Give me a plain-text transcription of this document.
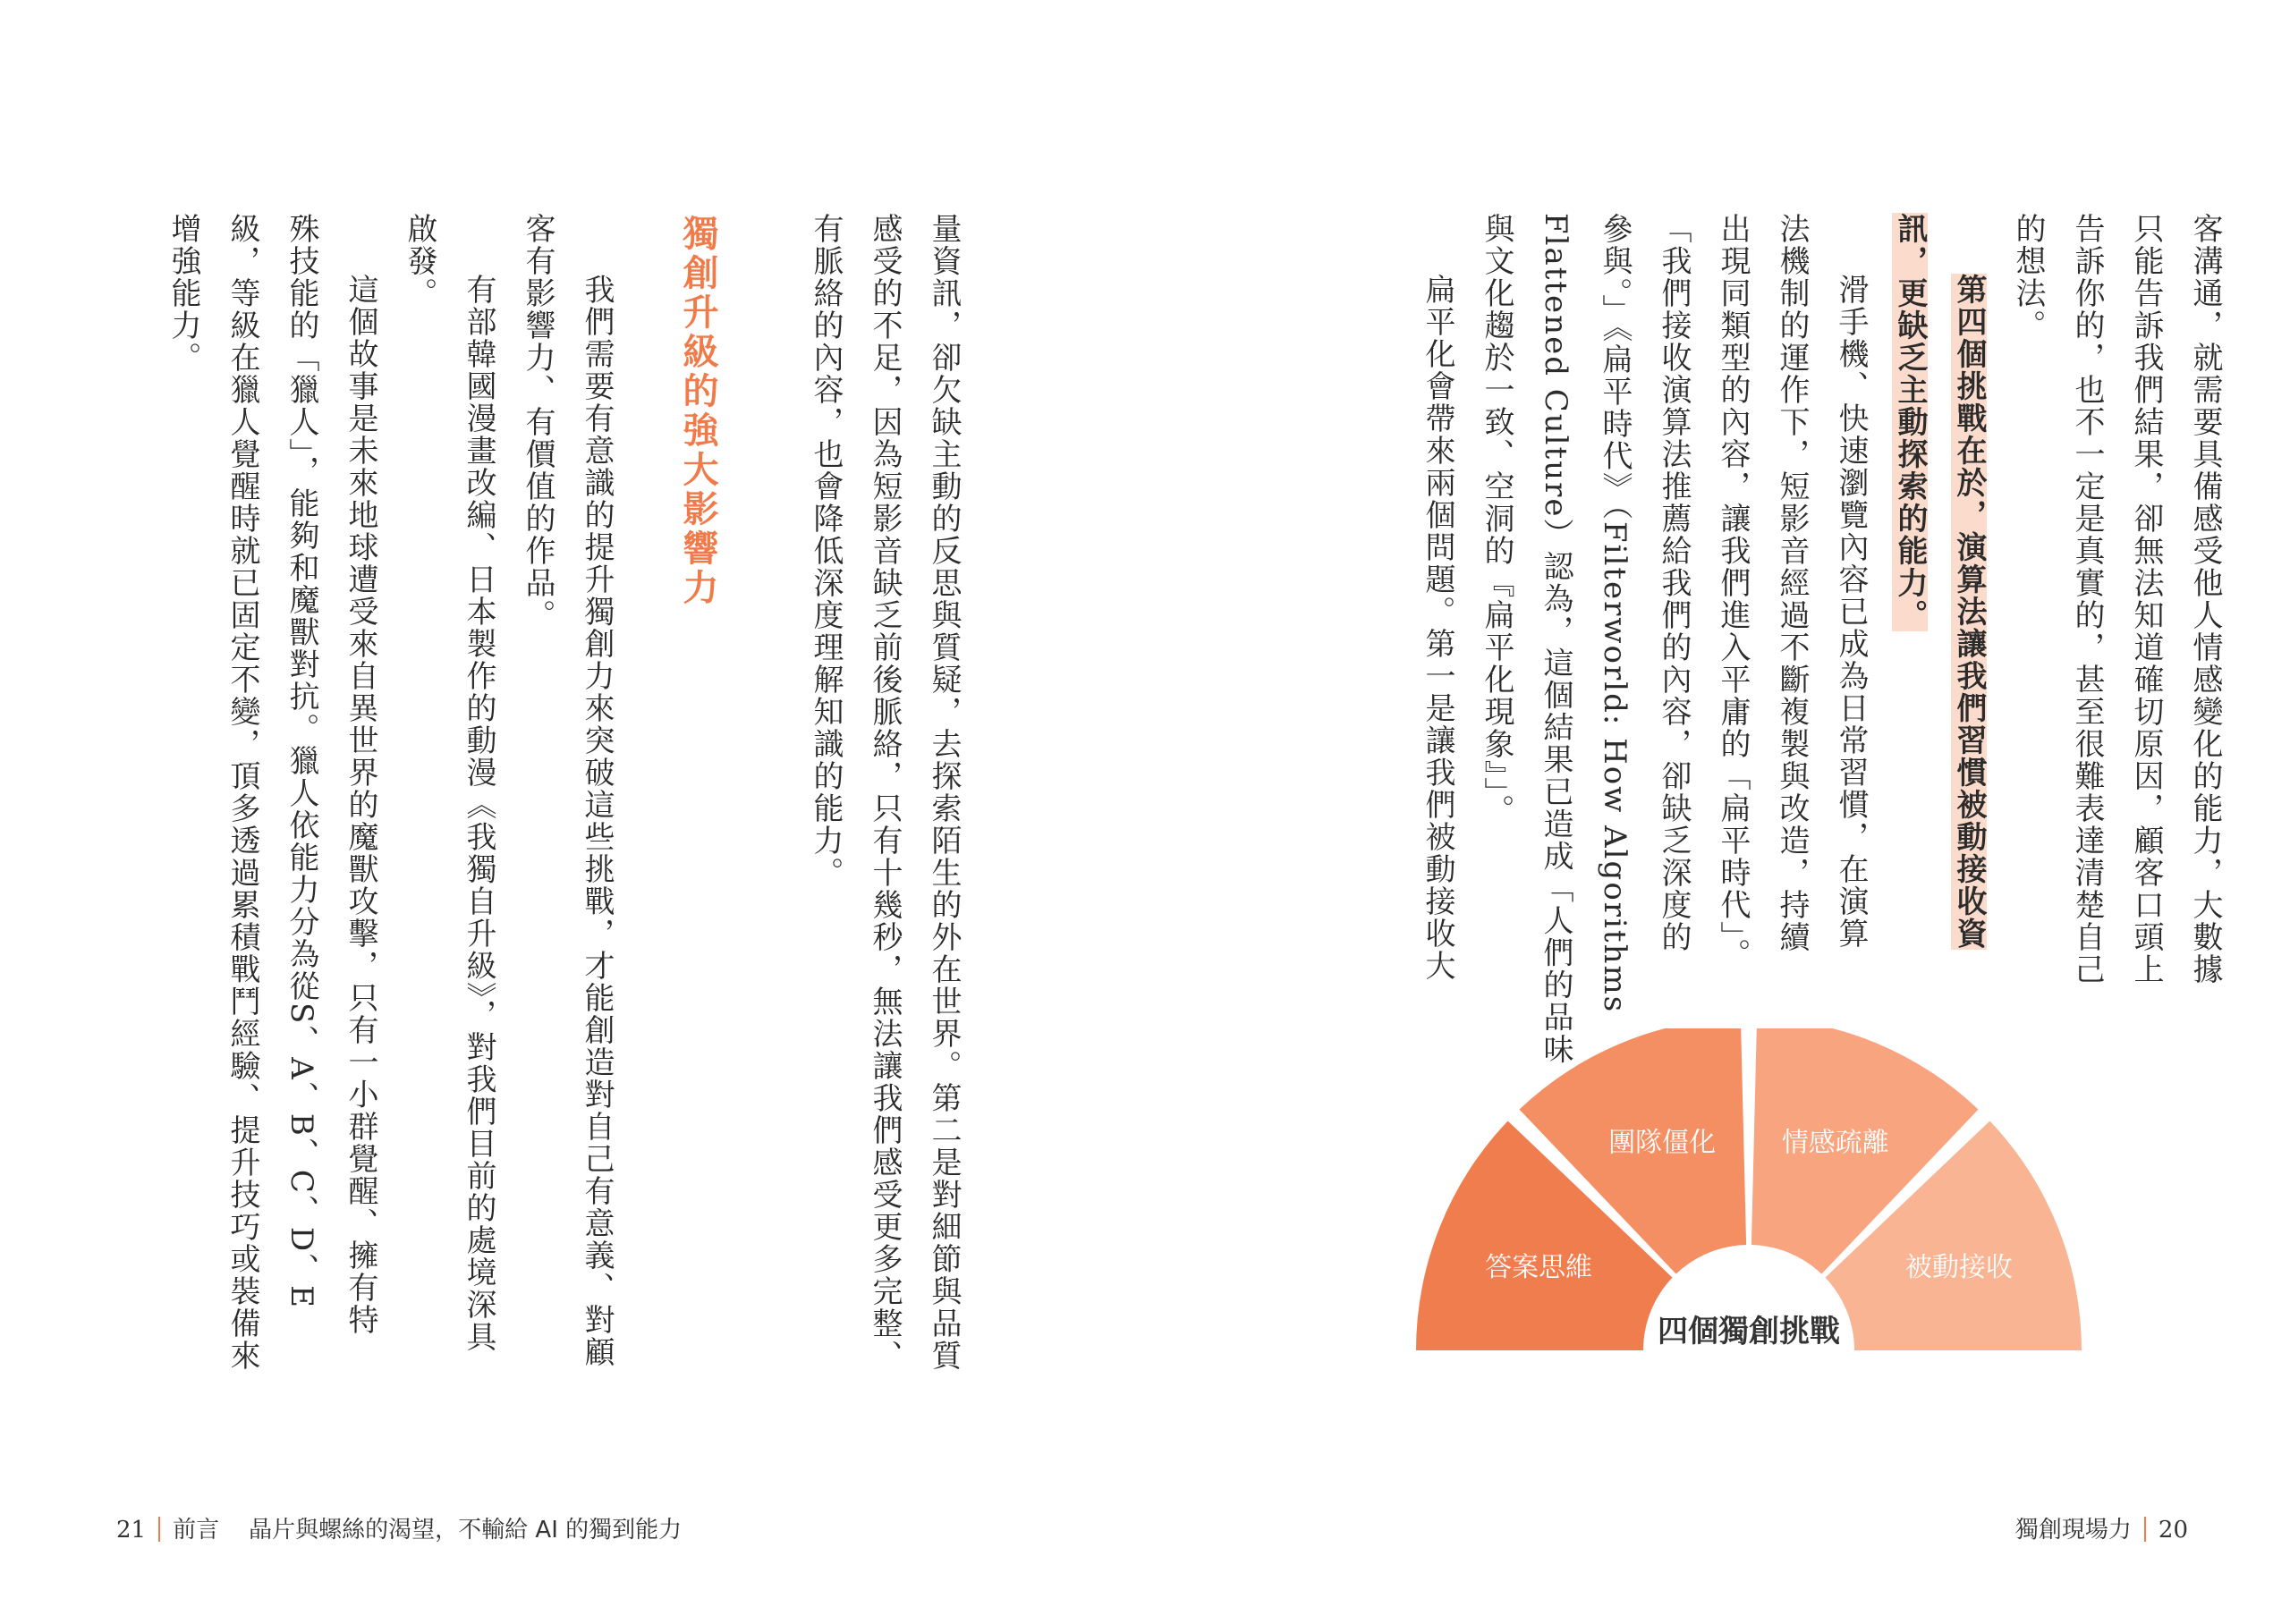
客溝通，就需要具備感受他人情感變化的能力，大數據
只能告訴我們結果，卻無法知道確切原因，顧客口頭上
告訴你的，也不一定是真實的，甚至很難表達清楚自己
的想法。
第四個挑戰在於，演算法讓我們習慣被動接收資
訊，更缺乏主動探索的能力。
滑手機、快速瀏覽內容已成為日常習慣，在演算
法機制的運作下，短影音經過不斷複製與改造，持續
出現同類型的內容，讓我們進入平庸的「扁平時代」。
「我們接收演算法推薦給我們的內容，卻缺乏深度的
參與。」《扁平時代》（Filterworld: How Algorithms
Flattened Culture）認為，這個結果已造成「人們的品味
與文化趨於一致、空洞的『扁平化現象』」。
扁平化會帶來兩個問題。第一是讓我們被動接收大
答案思維
團隊僵化 情感疏離
被動接收
四個獨創挑戰
量資訊，卻欠缺主動的反思與質疑，去探索陌生的外在世界。第二是對細節與品質
感受的不足，因為短影音缺乏前後脈絡，只有十幾秒，無法讓我們感受更多完整、
有脈絡的內容，也會降低深度理解知識的能力。
獨創升級的強大影響力
我們需要有意識的提升獨創力來突破這些挑戰，才能創造對自己有意義、對顧
客有影響力、有價值的作品。
有部韓國漫畫改編、日本製作的動漫《我獨自升級》，對我們目前的處境深具
啟發。
這個故事是未來地球遭受來自異世界的魔獸攻擊，只有一小群覺醒、擁有特
殊技能的「獵人」，能夠和魔獸對抗。獵人依能力分為從S、A、B、C、D、E
級，等級在獵人覺醒時就已固定不變，頂多透過累積戰鬥經驗、提升技巧或裝備來
增強能力。
21 前言 晶片與螺絲的渴望，不輸給 AI 的獨到能力	獨創現場力 20
